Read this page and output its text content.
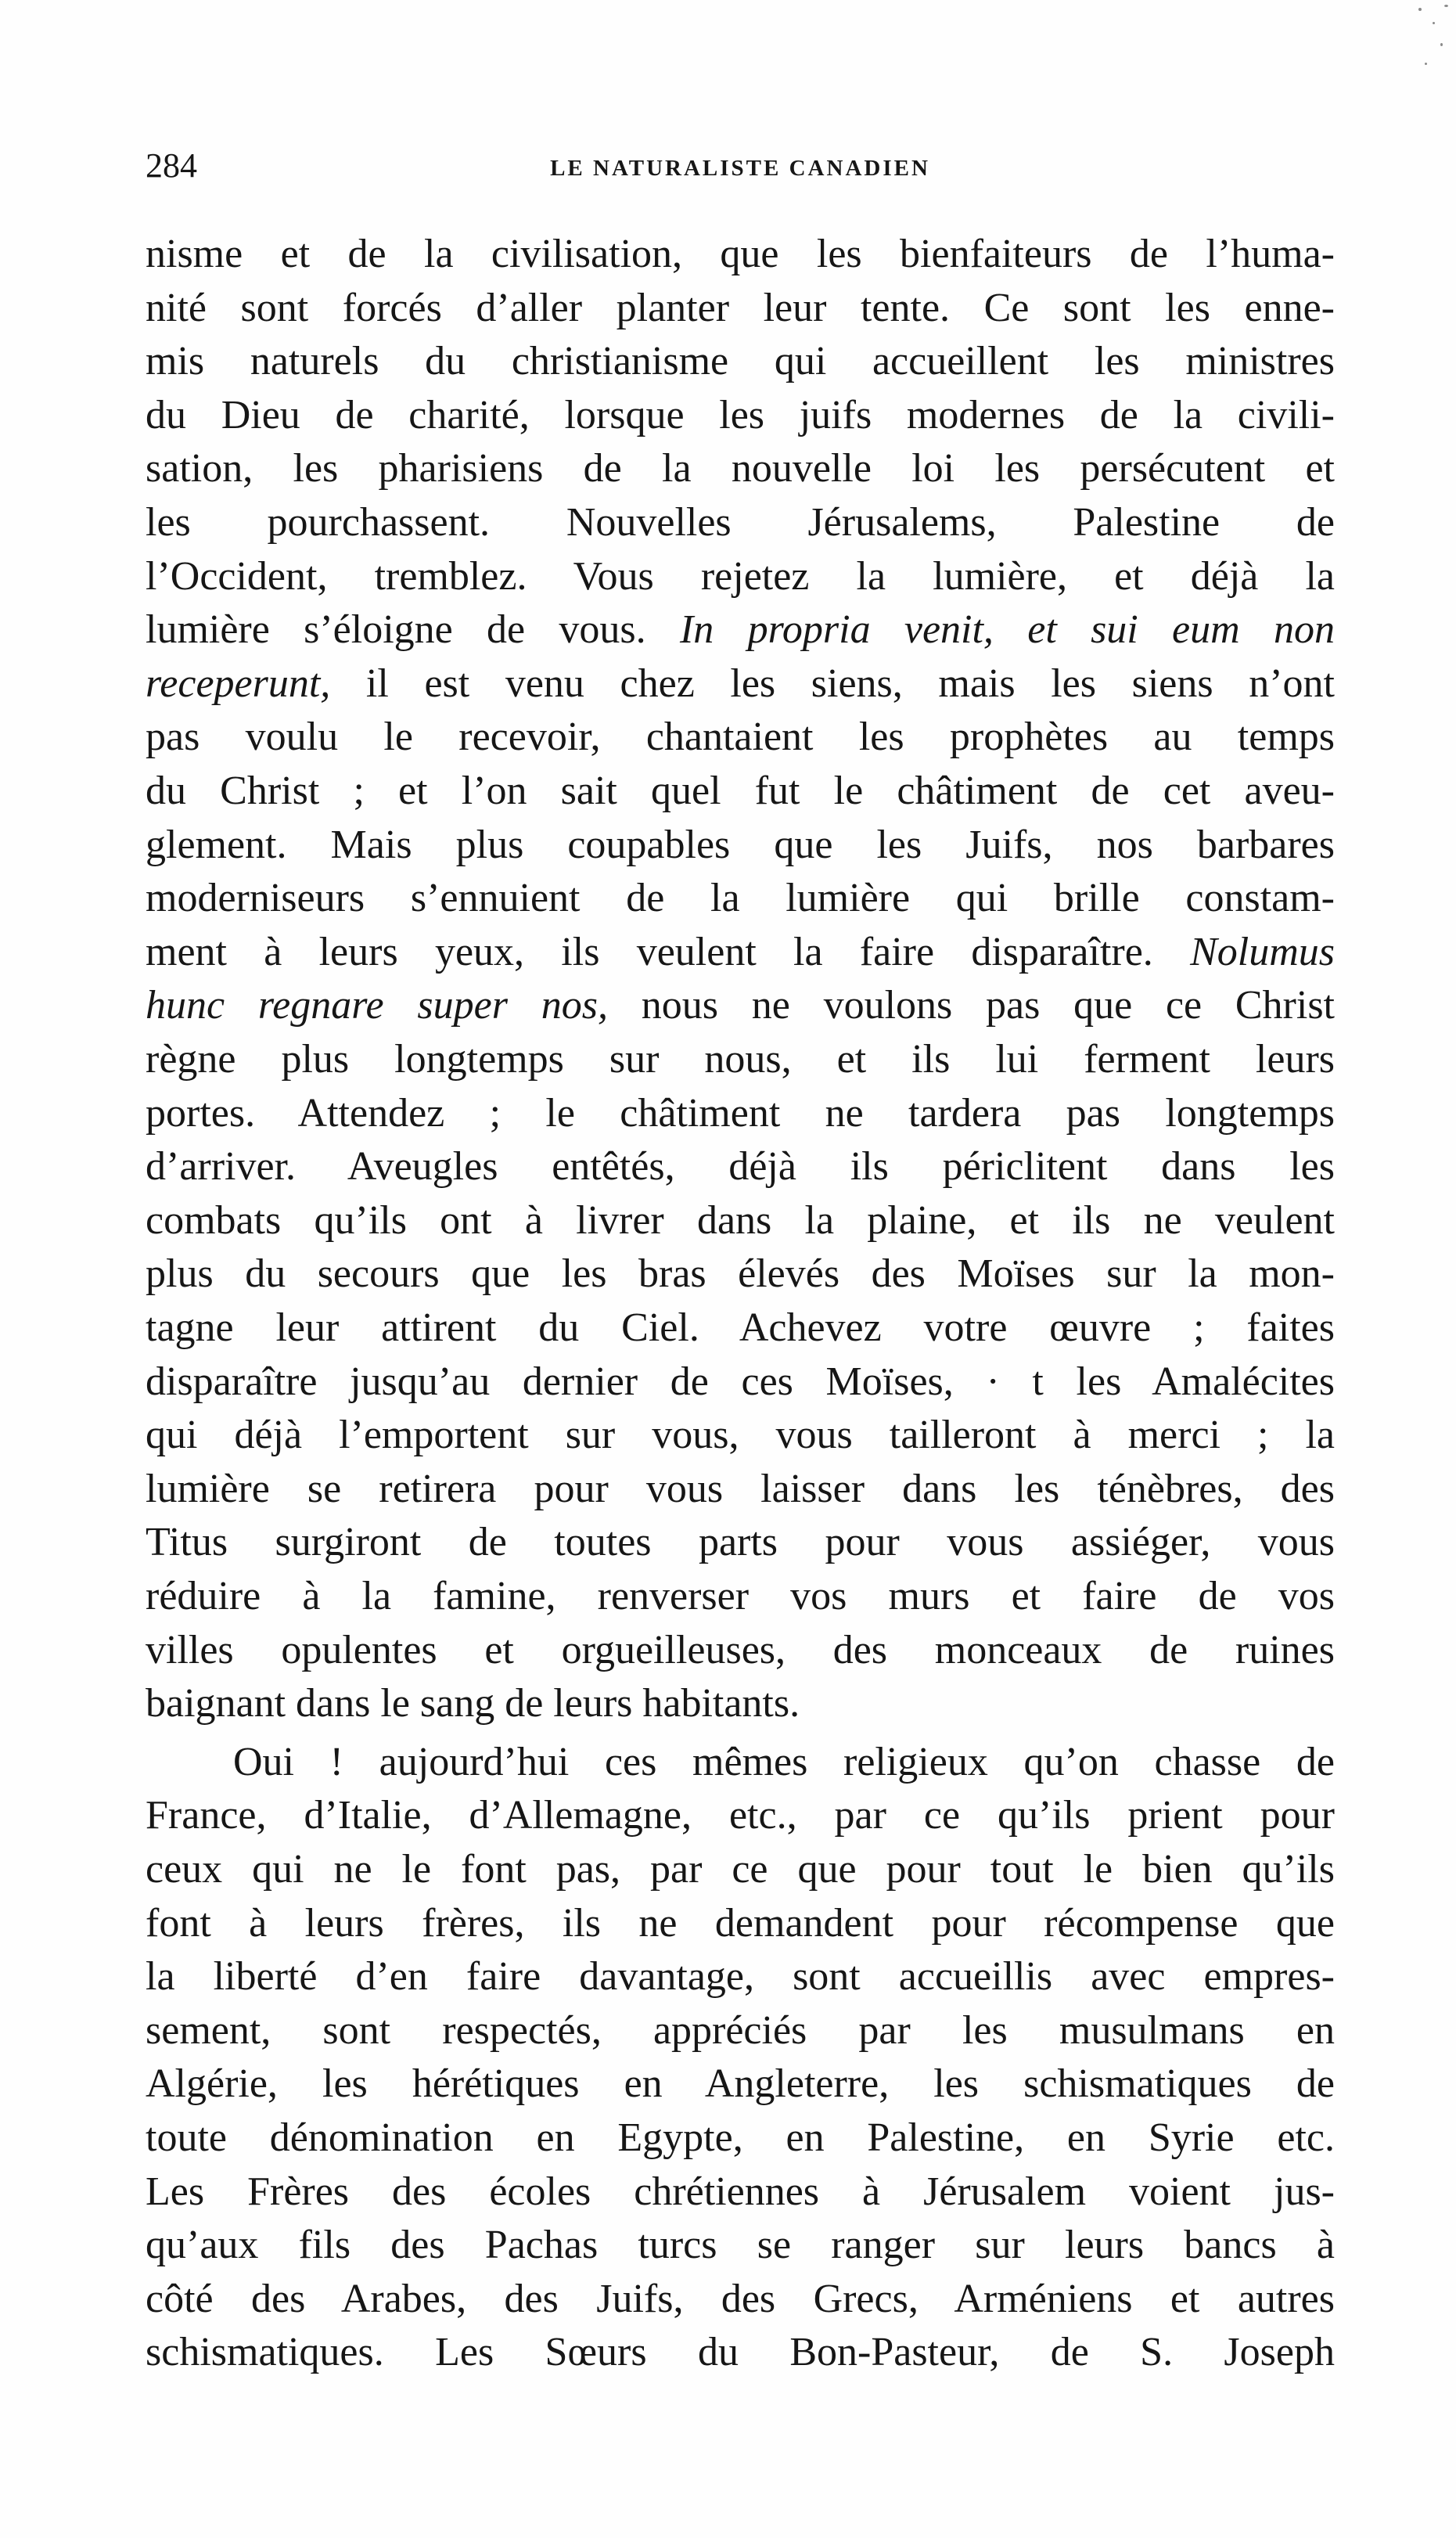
284	LE NATURALISTE CANADIEN
nisme et de la civilisation, que les bienfaiteurs de l’huma-
nité sont forcés d’aller planter leur tente. Ce sont les enne-
mis naturels du christianisme qui accueillent les ministres
du Dieu de charité, lorsque les juifs modernes de la civili-
sation, les pharisiens de la nouvelle loi les persécutent et
les pourchassent. Nouvelles Jérusalems, Palestine de
l’Occident, tremblez. Vous rejetez la lumière, et déjà la
lumière s’éloigne de vous. In propria venit, et sui eum non
receperunt, il est venu chez les siens, mais les siens n’ont
pas voulu le recevoir, chantaient les prophètes au temps
du Christ ; et l’on sait quel fut le châtiment de cet aveu-
glement. Mais plus coupables que les Juifs, nos barbares
moderniseurs s’ennuient de la lumière qui brille constam-
ment à leurs yeux, ils veulent la faire disparaître. Nolumus
hunc regnare super nos, nous ne voulons pas que ce Christ
règne plus longtemps sur nous, et ils lui ferment leurs
portes. Attendez ; le châtiment ne tardera pas longtemps
d’arriver. Aveugles entêtés, déjà ils périclitent dans les
combats qu’ils ont à livrer dans la plaine, et ils ne veulent
plus du secours que les bras élevés des Moïses sur la mon-
tagne leur attirent du Ciel. Achevez votre œuvre ; faites
disparaître jusqu’au dernier de ces Moïses, · t les Amalécites
qui déjà l’emportent sur vous, vous tailleront à merci ; la
lumière se retirera pour vous laisser dans les ténèbres, des
Titus surgiront de toutes parts pour vous assiéger, vous
réduire à la famine, renverser vos murs et faire de vos
villes opulentes et orgueilleuses, des monceaux de ruines
baignant dans le sang de leurs habitants.
Oui ! aujourd’hui ces mêmes religieux qu’on chasse de
France, d’Italie, d’Allemagne, etc., par ce qu’ils prient pour
ceux qui ne le font pas, par ce que pour tout le bien qu’ils
font à leurs frères, ils ne demandent pour récompense que
la liberté d’en faire davantage, sont accueillis avec empres-
sement, sont respectés, appréciés par les musulmans en
Algérie, les hérétiques en Angleterre, les schismatiques de
toute dénomination en Egypte, en Palestine, en Syrie etc.
Les Frères des écoles chrétiennes à Jérusalem voient jus-
qu’aux fils des Pachas turcs se ranger sur leurs bancs à
côté des Arabes, des Juifs, des Grecs, Arméniens et autres
schismatiques. Les Sœurs du Bon-Pasteur, de S. Joseph
